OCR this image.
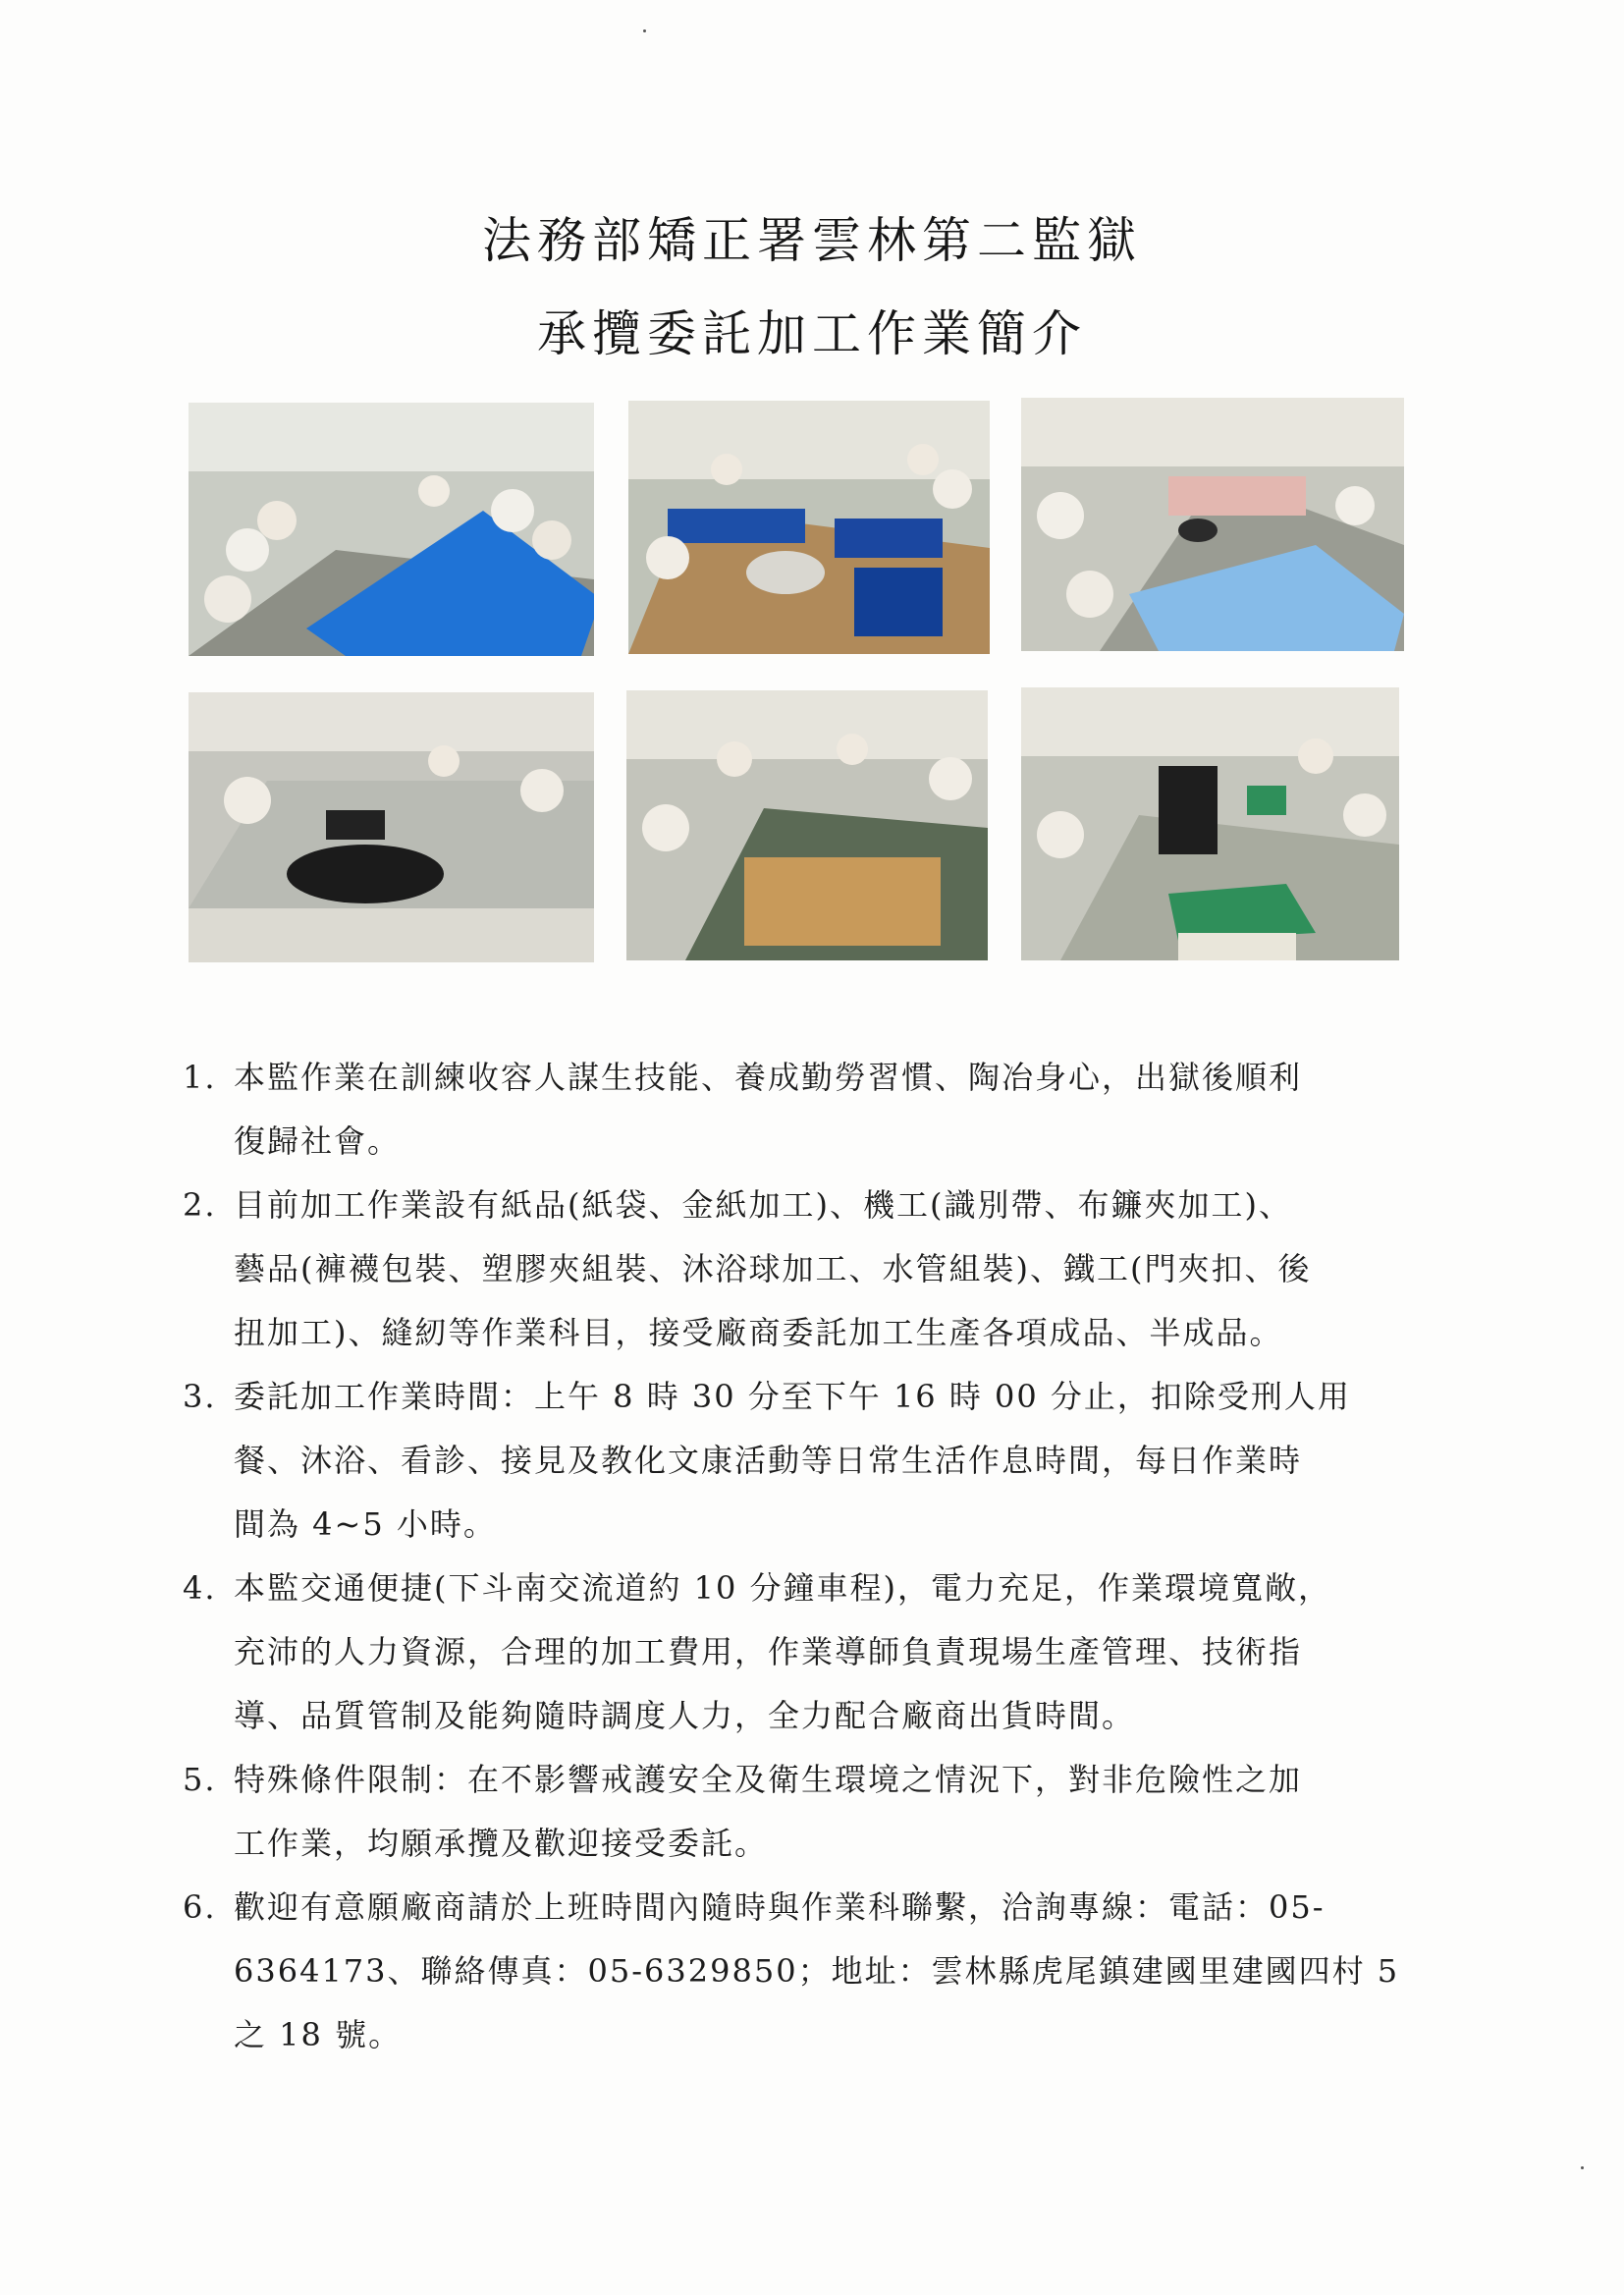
法務部矯正署雲林第二監獄
承攬委託加工作業簡介
1. 本監作業在訓練收容人謀生技能、養成勤勞習慣、陶冶身心，出獄後順利
復歸社會。
2. 目前加工作業設有紙品(紙袋、金紙加工)、機工(識別帶、布鐮夾加工)、
藝品(褲襪包裝、塑膠夾組裝、沐浴球加工、水管組裝)、鐵工(門夾扣、後
扭加工)、縫紉等作業科目，接受廠商委託加工生產各項成品、半成品。
3. 委託加工作業時間：上午 8 時 30 分至下午 16 時 00 分止，扣除受刑人用
餐、沐浴、看診、接見及教化文康活動等日常生活作息時間，每日作業時
間為 4~5 小時。
4. 本監交通便捷(下斗南交流道約 10 分鐘車程)，電力充足，作業環境寬敞，
充沛的人力資源，合理的加工費用，作業導師負責現場生產管理、技術指
導、品質管制及能夠隨時調度人力，全力配合廠商出貨時間。
5. 特殊條件限制：在不影響戒護安全及衛生環境之情況下，對非危險性之加
工作業，均願承攬及歡迎接受委託。
6. 歡迎有意願廠商請於上班時間內隨時與作業科聯繫，洽詢專線：電話：05-
6364173、聯絡傳真：05-6329850；地址：雲林縣虎尾鎮建國里建國四村 5
之 18 號。
